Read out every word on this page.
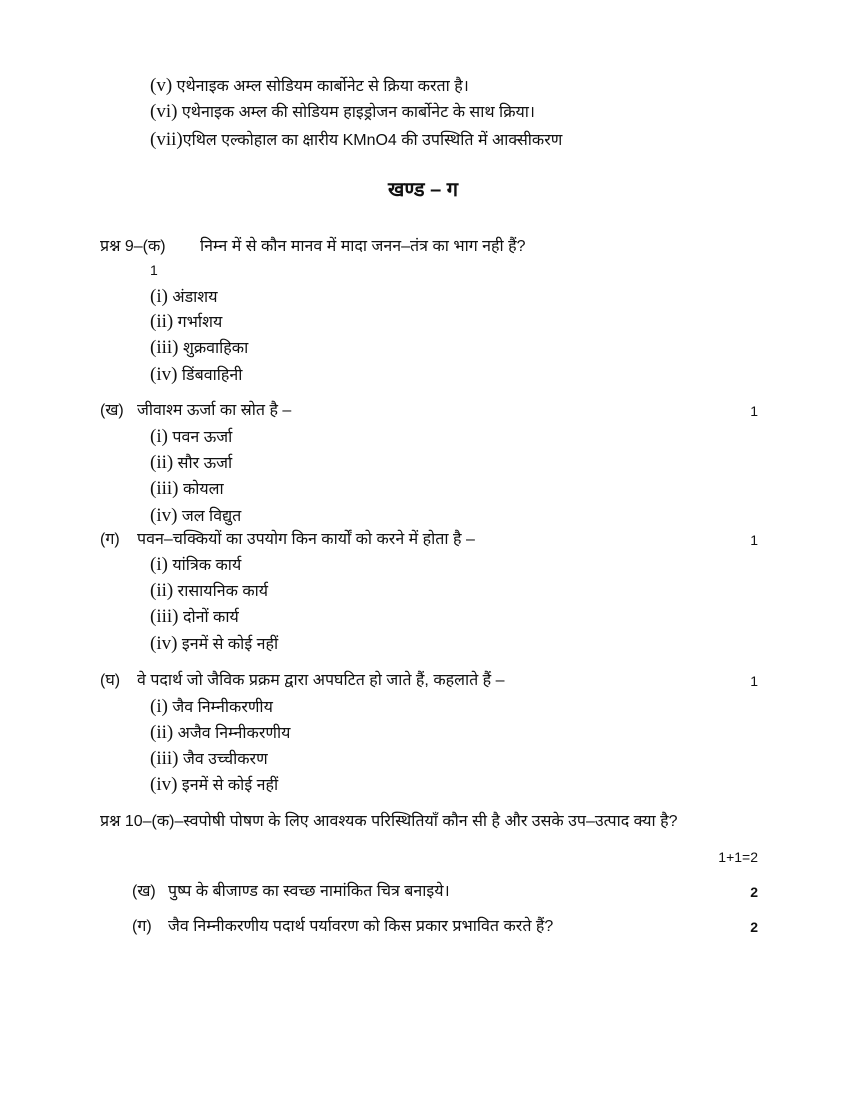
(v) एथेनाइक अम्ल सोडियम कार्बोनेट से क्रिया करता है।
(vi) एथेनाइक अम्ल की सोडियम हाइड्रोजन कार्बोनेट के साथ क्रिया।
(vii)एथिल एल्कोहाल का क्षारीय KMnO4 की उपस्थिति में आक्सीकरण
खण्ड – ग
प्रश्न 9–(क) निम्न में से कौन मानव में मादा जनन–तंत्र का भाग नही हैं?
1
(i) अंडाशय
(ii) गर्भाशय
(iii) शुक्रवाहिका
(iv) डिंबवाहिनी
(ख) जीवाश्म ऊर्जा का स्रोत है –	1
(i) पवन ऊर्जा
(ii) सौर ऊर्जा
(iii) कोयला
(iv) जल विद्युत
(ग) पवन–चक्कियों का उपयोग किन कार्यों को करने में होता है –	1
(i) यांत्रिक कार्य
(ii) रासायनिक कार्य
(iii) दोनों कार्य
(iv) इनमें से कोई नहीं
(घ) वे पदार्थ जो जैविक प्रक्रम द्वारा अपघटित हो जाते हैं, कहलाते हैं –	1
(i) जैव निम्नीकरणीय
(ii) अजैव निम्नीकरणीय
(iii) जैव उच्चीकरण
(iv) इनमें से कोई नहीं
प्रश्न 10–(क)–स्वपोषी पोषण के लिए आवश्यक परिस्थितियाँ कौन सी है और उसके उप–उत्पाद क्या है?
1+1=2
(ख) पुष्प के बीजाण्ड का स्वच्छ नामांकित चित्र बनाइये।	2
(ग) जैव निम्नीकरणीय पदार्थ पर्यावरण को किस प्रकार प्रभावित करते हैं?	2
